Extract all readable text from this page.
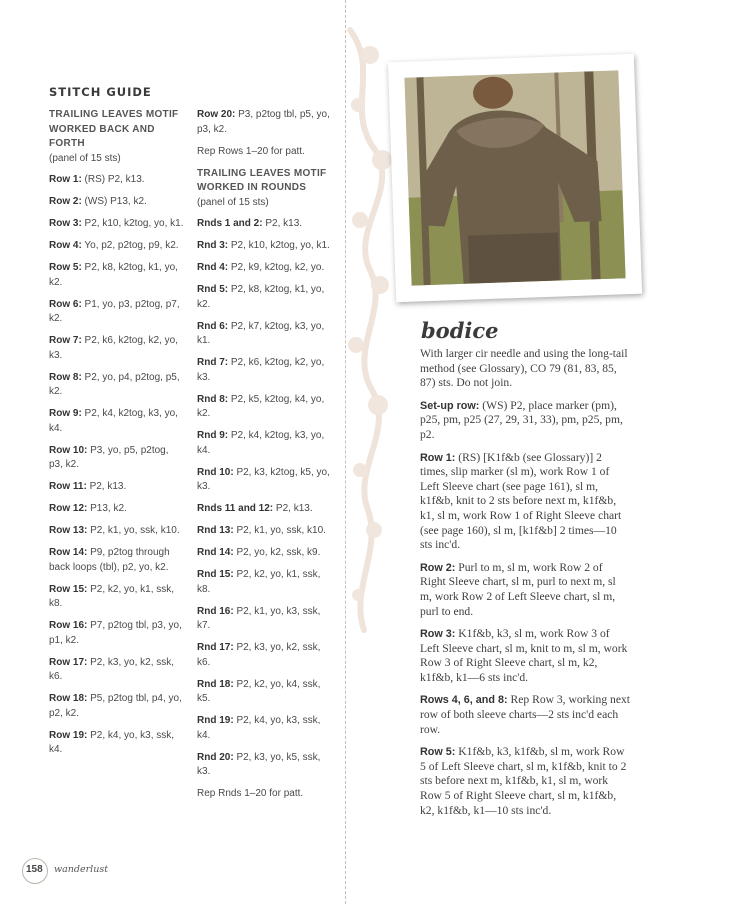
STITCH GUIDE
TRAILING LEAVES MOTIF WORKED BACK AND FORTH
(panel of 15 sts)
Row 1: (RS) P2, k13.
Row 2: (WS) P13, k2.
Row 3: P2, k10, k2tog, yo, k1.
Row 4: Yo, p2, p2tog, p9, k2.
Row 5: P2, k8, k2tog, k1, yo, k2.
Row 6: P1, yo, p3, p2tog, p7, k2.
Row 7: P2, k6, k2tog, k2, yo, k3.
Row 8: P2, yo, p4, p2tog, p5, k2.
Row 9: P2, k4, k2tog, k3, yo, k4.
Row 10: P3, yo, p5, p2tog, p3, k2.
Row 11: P2, k13.
Row 12: P13, k2.
Row 13: P2, k1, yo, ssk, k10.
Row 14: P9, p2tog through back loops (tbl), p2, yo, k2.
Row 15: P2, k2, yo, k1, ssk, k8.
Row 16: P7, p2tog tbl, p3, yo, p1, k2.
Row 17: P2, k3, yo, k2, ssk, k6.
Row 18: P5, p2tog tbl, p4, yo, p2, k2.
Row 19: P2, k4, yo, k3, ssk, k4.
Row 20: P3, p2tog tbl, p5, yo, p3, k2.
Rep Rows 1–20 for patt.
TRAILING LEAVES MOTIF WORKED IN ROUNDS
(panel of 15 sts)
Rnds 1 and 2: P2, k13.
Rnd 3: P2, k10, k2tog, yo, k1.
Rnd 4: P2, k9, k2tog, k2, yo.
Rnd 5: P2, k8, k2tog, k1, yo, k2.
Rnd 6: P2, k7, k2tog, k3, yo, k1.
Rnd 7: P2, k6, k2tog, k2, yo, k3.
Rnd 8: P2, k5, k2tog, k4, yo, k2.
Rnd 9: P2, k4, k2tog, k3, yo, k4.
Rnd 10: P2, k3, k2tog, k5, yo, k3.
Rnds 11 and 12: P2, k13.
Rnd 13: P2, k1, yo, ssk, k10.
Rnd 14: P2, yo, k2, ssk, k9.
Rnd 15: P2, k2, yo, k1, ssk, k8.
Rnd 16: P2, k1, yo, k3, ssk, k7.
Rnd 17: P2, k3, yo, k2, ssk, k6.
Rnd 18: P2, k2, yo, k4, ssk, k5.
Rnd 19: P2, k4, yo, k3, ssk, k4.
Rnd 20: P2, k3, yo, k5, ssk, k3.
Rep Rnds 1–20 for patt.
bodice

With larger cir needle and using the long-tail method (see Glossary), CO 79 (81, 83, 85, 87) sts. Do not join.

Set-up row: (WS) P2, place marker (pm), p25, pm, p25 (27, 29, 31, 33), pm, p25, pm, p2.

Row 1: (RS) [K1f&b (see Glossary)] 2 times, slip marker (sl m), work Row 1 of Left Sleeve chart (see page 161), sl m, k1f&b, knit to 2 sts before next m, k1f&b, k1, sl m, work Row 1 of Right Sleeve chart (see page 160), sl m, [k1f&b] 2 times—10 sts inc'd.

Row 2: Purl to m, sl m, work Row 2 of Right Sleeve chart, sl m, purl to next m, sl m, work Row 2 of Left Sleeve chart, sl m, purl to end.

Row 3: K1f&b, k3, sl m, work Row 3 of Left Sleeve chart, sl m, knit to m, sl m, work Row 3 of Right Sleeve chart, sl m, k2, k1f&b, k1—6 sts inc'd.

Rows 4, 6, and 8: Rep Row 3, working next row of both sleeve charts—2 sts inc'd each row.

Row 5: K1f&b, k3, k1f&b, sl m, work Row 5 of Left Sleeve chart, sl m, k1f&b, knit to 2 sts before next m, k1f&b, k1, sl m, work Row 5 of Right Sleeve chart, sl m, k1f&b, k2, k1f&b, k1—10 sts inc'd.

158 wanderlust
